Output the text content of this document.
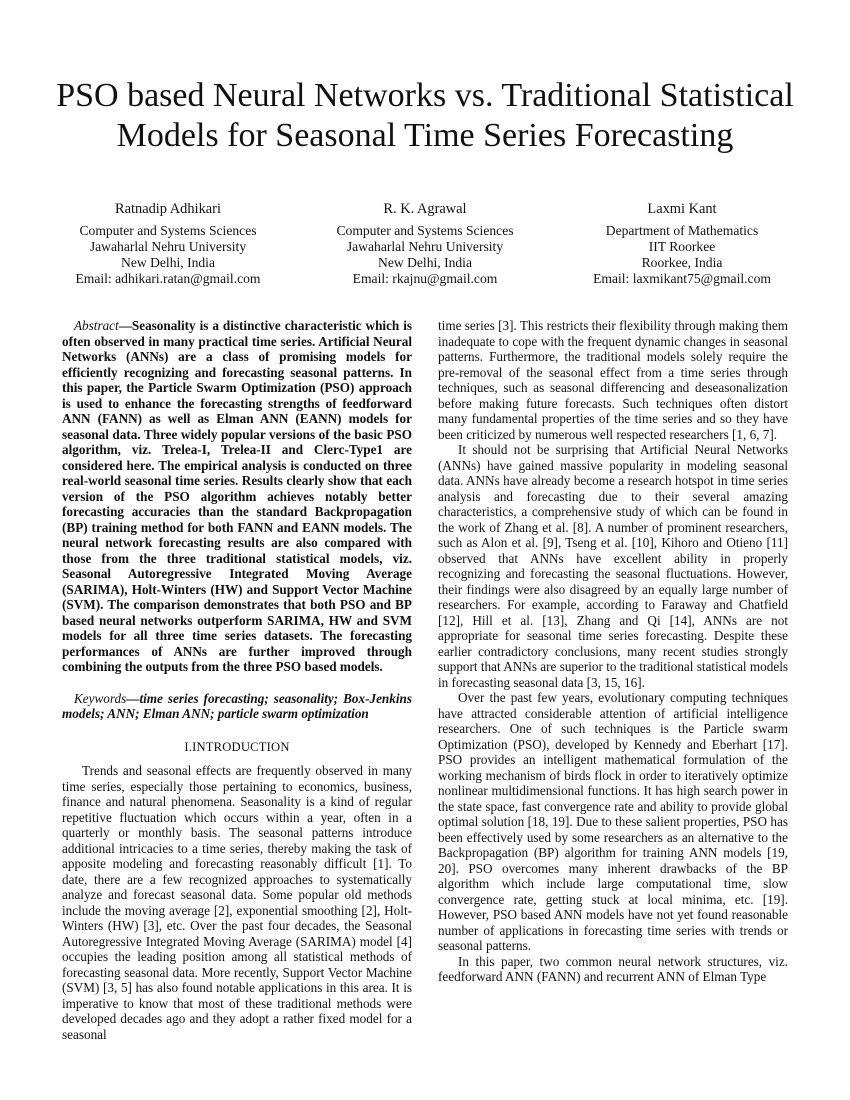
PSO based Neural Networks vs. Traditional Statistical
Models for Seasonal Time Series Forecasting
Ratnadip Adhikari
Computer and Systems Sciences
Jawaharlal Nehru University
New Delhi, India
Email: adhikari.ratan@gmail.com
R. K. Agrawal
Computer and Systems Sciences
Jawaharlal Nehru University
New Delhi, India
Email: rkajnu@gmail.com
Laxmi Kant
Department of Mathematics
IIT Roorkee
Roorkee, India
Email: laxmikant75@gmail.com

Abstract—Seasonality is a distinctive characteristic which is often observed in many practical time series. Artificial Neural Networks (ANNs) are a class of promising models for efficiently recognizing and forecasting seasonal patterns. In this paper, the Particle Swarm Optimization (PSO) approach is used to enhance the forecasting strengths of feedforward ANN (FANN) as well as Elman ANN (EANN) models for seasonal data. Three widely popular versions of the basic PSO algorithm, viz. Trelea-I, Trelea-II and Clerc-Type1 are considered here. The empirical analysis is conducted on three real-world seasonal time series. Results clearly show that each version of the PSO algorithm achieves notably better forecasting accuracies than the standard Backpropagation (BP) training method for both FANN and EANN models. The neural network forecasting results are also compared with those from the three traditional statistical models, viz. Seasonal Autoregressive Integrated Moving Average (SARIMA), Holt-Winters (HW) and Support Vector Machine (SVM). The comparison demonstrates that both PSO and BP based neural networks outperform SARIMA, HW and SVM models for all three time series datasets. The forecasting performances of ANNs are further improved through combining the outputs from the three PSO based models.

Keywords—time series forecasting; seasonality; Box-Jenkins models; ANN; Elman ANN; particle swarm optimization

I.INTRODUCTION

Trends and seasonal effects are frequently observed in many time series, especially those pertaining to economics, business, finance and natural phenomena. Seasonality is a kind of regular repetitive fluctuation which occurs within a year, often in a quarterly or monthly basis. The seasonal patterns introduce additional intricacies to a time series, thereby making the task of apposite modeling and forecasting reasonably difficult [1]. To date, there are a few recognized approaches to systematically analyze and forecast seasonal data. Some popular old methods include the moving average [2], exponential smoothing [2], Holt-Winters (HW) [3], etc. Over the past four decades, the Seasonal Autoregressive Integrated Moving Average (SARIMA) model [4] occupies the leading position among all statistical methods of forecasting seasonal data. More recently, Support Vector Machine (SVM) [3, 5] has also found notable applications in this area. It is imperative to know that most of these traditional methods were developed decades ago and they adopt a rather fixed model for a seasonal

time series [3]. This restricts their flexibility through making them inadequate to cope with the frequent dynamic changes in seasonal patterns. Furthermore, the traditional models solely require the pre-removal of the seasonal effect from a time series through techniques, such as seasonal differencing and deseasonalization before making future forecasts. Such techniques often distort many fundamental properties of the time series and so they have been criticized by numerous well respected researchers [1, 6, 7].

It should not be surprising that Artificial Neural Networks (ANNs) have gained massive popularity in modeling seasonal data. ANNs have already become a research hotspot in time series analysis and forecasting due to their several amazing characteristics, a comprehensive study of which can be found in the work of Zhang et al. [8]. A number of prominent researchers, such as Alon et al. [9], Tseng et al. [10], Kihoro and Otieno [11] observed that ANNs have excellent ability in properly recognizing and forecasting the seasonal fluctuations. However, their findings were also disagreed by an equally large number of researchers. For example, according to Faraway and Chatfield [12], Hill et al. [13], Zhang and Qi [14], ANNs are not appropriate for seasonal time series forecasting. Despite these earlier contradictory conclusions, many recent studies strongly support that ANNs are superior to the traditional statistical models in forecasting seasonal data [3, 15, 16].

Over the past few years, evolutionary computing techniques have attracted considerable attention of artificial intelligence researchers. One of such techniques is the Particle swarm Optimization (PSO), developed by Kennedy and Eberhart [17]. PSO provides an intelligent mathematical formulation of the working mechanism of birds flock in order to iteratively optimize nonlinear multidimensional functions. It has high search power in the state space, fast convergence rate and ability to provide global optimal solution [18, 19]. Due to these salient properties, PSO has been effectively used by some researchers as an alternative to the Backpropagation (BP) algorithm for training ANN models [19, 20]. PSO overcomes many inherent drawbacks of the BP algorithm which include large computational time, slow convergence rate, getting stuck at local minima, etc. [19]. However, PSO based ANN models have not yet found reasonable number of applications in forecasting time series with trends or seasonal patterns.

In this paper, two common neural network structures, viz. feedforward ANN (FANN) and recurrent ANN of Elman Type
